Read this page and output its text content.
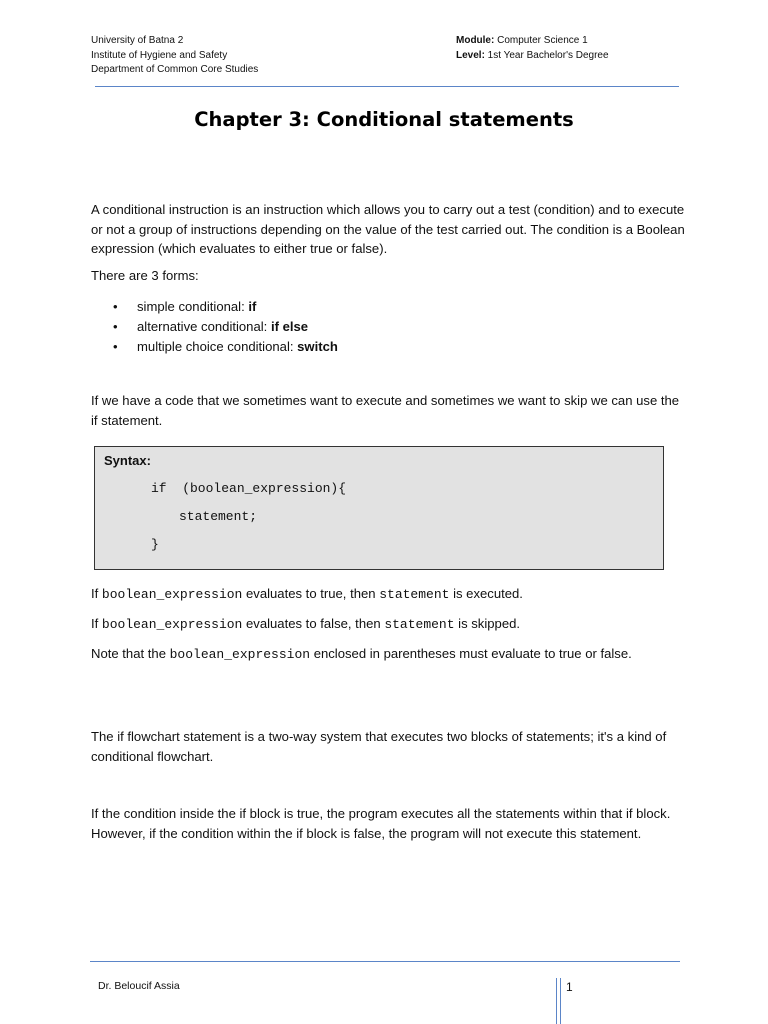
University of Batna 2
Institute of Hygiene and Safety
Department of Common Core Studies
Module: Computer Science 1
Level: 1st Year Bachelor's Degree
Chapter 3: Conditional statements
A conditional instruction is an instruction which allows you to carry out a test (condition) and to execute or not a group of instructions depending on the value of the test carried out. The condition is a Boolean expression (which evaluates to either true or false).
There are 3 forms:
• simple conditional: if
• alternative conditional: if else
• multiple choice conditional: switch
If we have a code that we sometimes want to execute and sometimes we want to skip we can use the if statement.
Syntax:
if  (boolean_expression){
statement;
}
If boolean_expression evaluates to true, then statement is executed.
If boolean_expression evaluates to false, then statement is skipped.
Note that the boolean_expression enclosed in parentheses must evaluate to true or false.
The if flowchart statement is a two-way system that executes two blocks of statements; it's a kind of conditional flowchart.
If the condition inside the if block is true, the program executes all the statements within that if block. However, if the condition within the if block is false, the program will not execute this statement.
Dr. Beloucif Assia	1
